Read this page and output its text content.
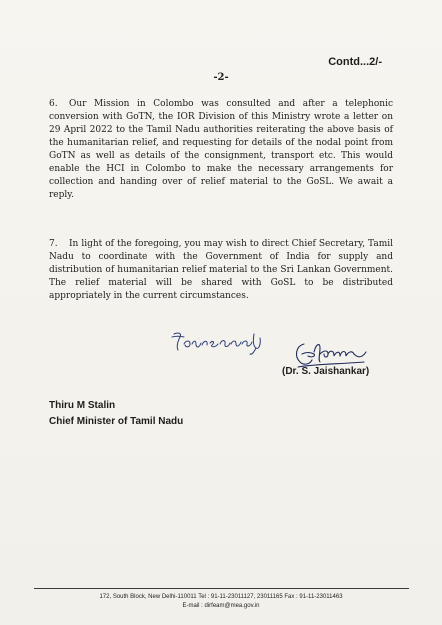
Contd...2/-
-2-
6. Our Mission in Colombo was consulted and after a telephonic conversion with GoTN, the IOR Division of this Ministry wrote a letter on 29 April 2022 to the Tamil Nadu authorities reiterating the above basis of the humanitarian relief, and requesting for details of the nodal point from GoTN as well as details of the consignment, transport etc. This would enable the HCI in Colombo to make the necessary arrangements for collection and handing over of relief material to the GoSL. We await a reply.
7. In light of the foregoing, you may wish to direct Chief Secretary, Tamil Nadu to coordinate with the Government of India for supply and distribution of humanitarian relief material to the Sri Lankan Government. The relief material will be shared with GoSL to be distributed appropriately in the current circumstances.
(Dr. S. Jaishankar)
Thiru M Stalin
Chief Minister of Tamil Nadu
172, South Block, New Delhi-110011 Tel : 91-11-23011127, 23011165 Fax : 91-11-23011463
E-mail : dirfeam@mea.gov.in
